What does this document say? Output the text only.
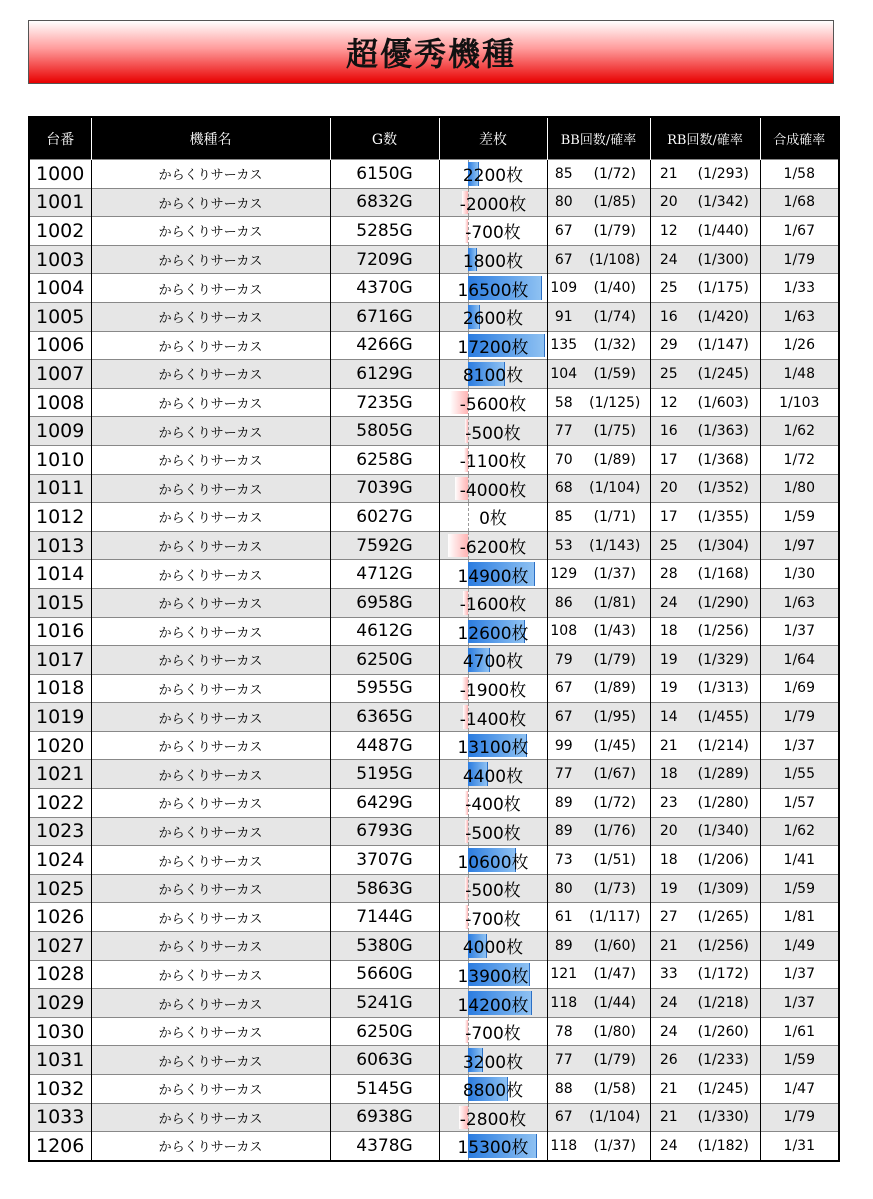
超優秀機種
台番	機種名	G数	差枚	BB回数/確率		RB回数/確率		合成確率
1000	からくりサーカス	6150G	2200枚	85	(1/72)	21	(1/293)	1/58
1001	からくりサーカス	6832G	-2000枚	80	(1/85)	20	(1/342)	1/68
1002	からくりサーカス	5285G	-700枚	67	(1/79)	12	(1/440)	1/67
1003	からくりサーカス	7209G	1800枚	67	(1/108)	24	(1/300)	1/79
1004	からくりサーカス	4370G	16500枚	109	(1/40)	25	(1/175)	1/33
1005	からくりサーカス	6716G	2600枚	91	(1/74)	16	(1/420)	1/63
1006	からくりサーカス	4266G	17200枚	135	(1/32)	29	(1/147)	1/26
1007	からくりサーカス	6129G	8100枚	104	(1/59)	25	(1/245)	1/48
1008	からくりサーカス	7235G	-5600枚	58	(1/125)	12	(1/603)	1/103
1009	からくりサーカス	5805G	-500枚	77	(1/75)	16	(1/363)	1/62
1010	からくりサーカス	6258G	-1100枚	70	(1/89)	17	(1/368)	1/72
1011	からくりサーカス	7039G	-4000枚	68	(1/104)	20	(1/352)	1/80
1012	からくりサーカス	6027G	0枚	85	(1/71)	17	(1/355)	1/59
1013	からくりサーカス	7592G	-6200枚	53	(1/143)	25	(1/304)	1/97
1014	からくりサーカス	4712G	14900枚	129	(1/37)	28	(1/168)	1/30
1015	からくりサーカス	6958G	-1600枚	86	(1/81)	24	(1/290)	1/63
1016	からくりサーカス	4612G	12600枚	108	(1/43)	18	(1/256)	1/37
1017	からくりサーカス	6250G	4700枚	79	(1/79)	19	(1/329)	1/64
1018	からくりサーカス	5955G	-1900枚	67	(1/89)	19	(1/313)	1/69
1019	からくりサーカス	6365G	-1400枚	67	(1/95)	14	(1/455)	1/79
1020	からくりサーカス	4487G	13100枚	99	(1/45)	21	(1/214)	1/37
1021	からくりサーカス	5195G	4400枚	77	(1/67)	18	(1/289)	1/55
1022	からくりサーカス	6429G	-400枚	89	(1/72)	23	(1/280)	1/57
1023	からくりサーカス	6793G	-500枚	89	(1/76)	20	(1/340)	1/62
1024	からくりサーカス	3707G	10600枚	73	(1/51)	18	(1/206)	1/41
1025	からくりサーカス	5863G	-500枚	80	(1/73)	19	(1/309)	1/59
1026	からくりサーカス	7144G	-700枚	61	(1/117)	27	(1/265)	1/81
1027	からくりサーカス	5380G	4000枚	89	(1/60)	21	(1/256)	1/49
1028	からくりサーカス	5660G	13900枚	121	(1/47)	33	(1/172)	1/37
1029	からくりサーカス	5241G	14200枚	118	(1/44)	24	(1/218)	1/37
1030	からくりサーカス	6250G	-700枚	78	(1/80)	24	(1/260)	1/61
1031	からくりサーカス	6063G	3200枚	77	(1/79)	26	(1/233)	1/59
1032	からくりサーカス	5145G	8800枚	88	(1/58)	21	(1/245)	1/47
1033	からくりサーカス	6938G	-2800枚	67	(1/104)	21	(1/330)	1/79
1206	からくりサーカス	4378G	15300枚	118	(1/37)	24	(1/182)	1/31
